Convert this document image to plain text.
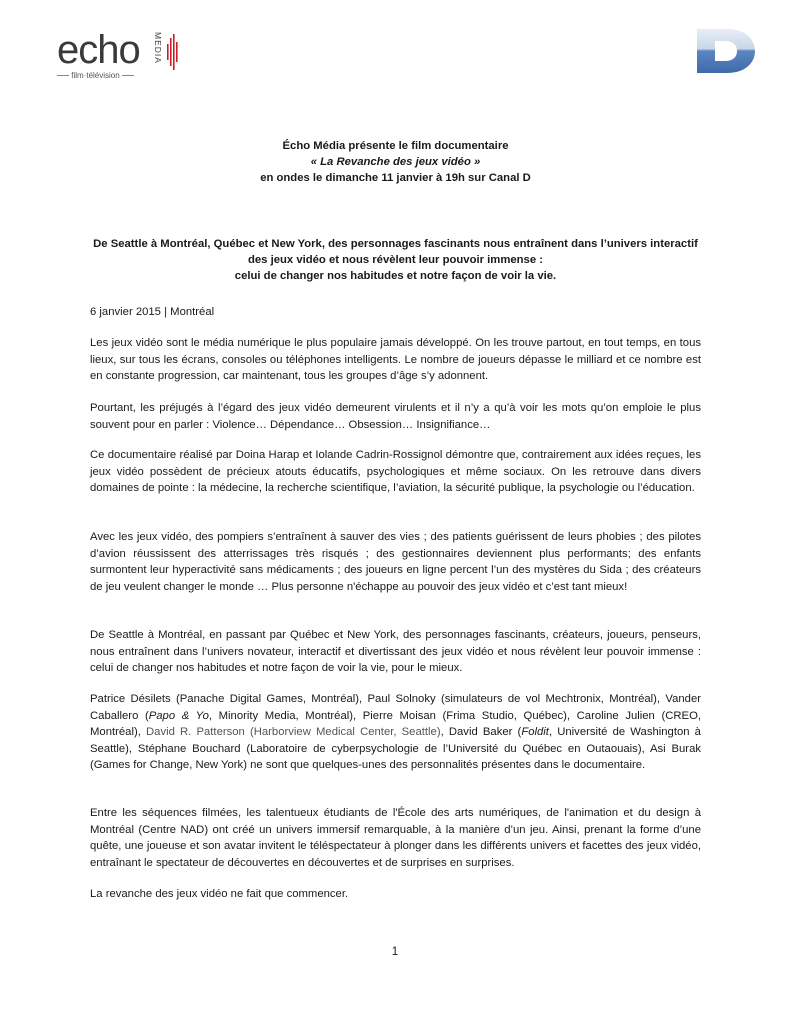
echo MEDIA
film·télévision
Écho Média présente le film documentaire
« La Revanche des jeux vidéo »
en ondes le dimanche 11 janvier à 19h sur Canal D
De Seattle à Montréal, Québec et New York, des personnages fascinants nous entraînent dans l’univers interactif
des jeux vidéo et nous révèlent leur pouvoir immense :
celui de changer nos habitudes et notre façon de voir la vie.
6 janvier 2015 | Montréal
Les jeux vidéo sont le média numérique le plus populaire jamais développé. On les trouve partout, en tout temps, en tous lieux, sur tous les écrans, consoles ou téléphones intelligents. Le nombre de joueurs dépasse le milliard et ce nombre est en constante progression, car maintenant, tous les groupes d’âge s’y adonnent.
Pourtant, les préjugés à l’égard des jeux vidéo demeurent virulents et il n’y a qu’à voir les mots qu’on emploie le plus souvent pour en parler : Violence… Dépendance… Obsession… Insignifiance…
Ce documentaire réalisé par Doina Harap et Iolande Cadrin-Rossignol démontre que, contrairement aux idées reçues, les jeux vidéo possèdent de précieux atouts éducatifs, psychologiques et même sociaux. On les retrouve dans divers domaines de pointe : la médecine, la recherche scientifique, l’aviation, la sécurité publique, la psychologie ou l’éducation.
Avec les jeux vidéo, des pompiers s’entraînent à sauver des vies ; des patients guérissent de leurs phobies ; des pilotes d’avion réussissent des atterrissages très risqués ; des gestionnaires deviennent plus performants; des enfants surmontent leur hyperactivité sans médicaments ; des joueurs en ligne percent l’un des mystères du Sida ; des créateurs de jeu veulent changer le monde … Plus personne n'échappe au pouvoir des jeux vidéo et c’est tant mieux!
De Seattle à Montréal, en passant par Québec et New York, des personnages fascinants, créateurs, joueurs, penseurs, nous entraînent dans l’univers novateur, interactif et divertissant des jeux vidéo et nous révèlent leur pouvoir immense : celui de changer nos habitudes et notre façon de voir la vie, pour le mieux.
Patrice Désilets (Panache Digital Games, Montréal), Paul Solnoky (simulateurs de vol Mechtronix, Montréal), Vander Caballero (Papo & Yo, Minority Media, Montréal), Pierre Moisan (Frima Studio, Québec), Caroline Julien (CREO, Montréal), David R. Patterson (Harborview Medical Center, Seattle), David Baker (Foldit, Université de Washington à Seattle), Stéphane Bouchard (Laboratoire de cyberpsychologie de l’Université du Québec en Outaouais), Asi Burak (Games for Change, New York) ne sont que quelques-unes des personnalités présentes dans le documentaire.
Entre les séquences filmées, les talentueux étudiants de l'École des arts numériques, de l'animation et du design à Montréal (Centre NAD) ont créé un univers immersif remarquable, à la manière d’un jeu. Ainsi, prenant la forme d’une quête, une joueuse et son avatar invitent le téléspectateur à plonger dans les différents univers et facettes des jeux vidéo, entraînant le spectateur de découvertes en découvertes et de surprises en surprises.
La revanche des jeux vidéo ne fait que commencer.
1
